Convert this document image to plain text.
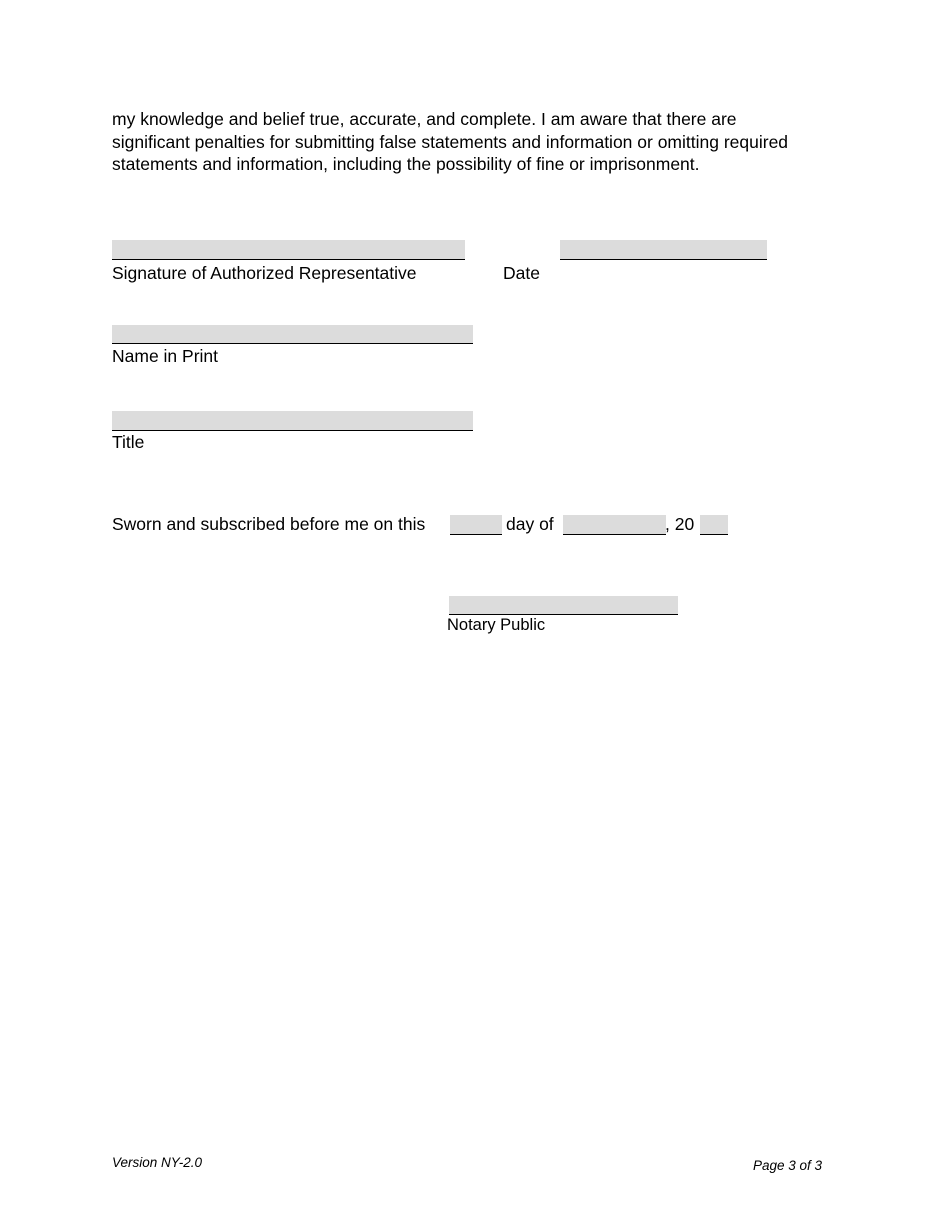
my knowledge and belief true, accurate, and complete. I am aware that there are
significant penalties for submitting false statements and information or omitting required
statements and information, including the possibility of fine or imprisonment.
Signature of Authorized Representative	Date
Name in Print
Title
Sworn and subscribed before me on this	day of	, 20
Notary Public
Version NY-2.0	Page 3 of 3
